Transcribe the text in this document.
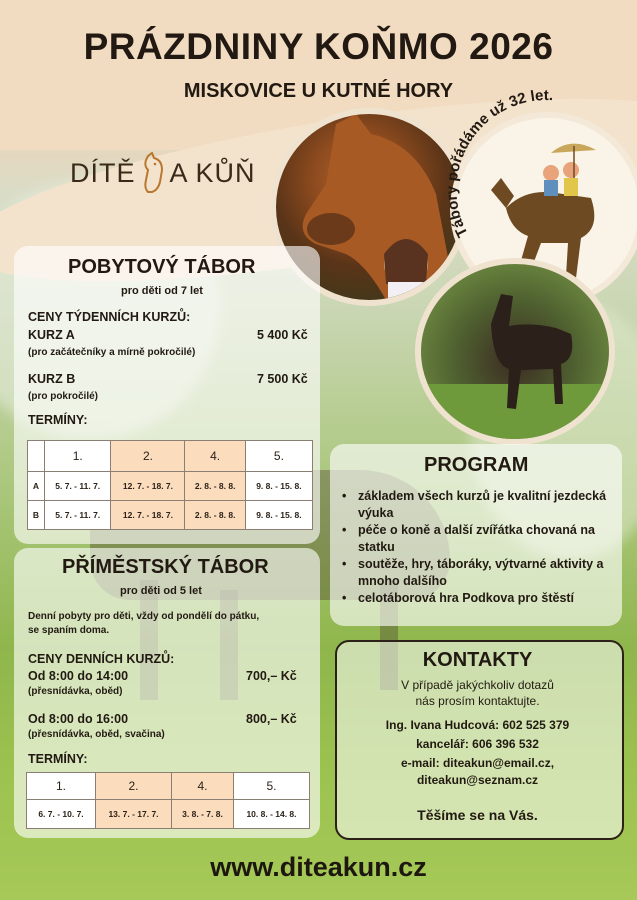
PRÁZDNINY KOŇMO 2026
MISKOVICE U KUTNÉ HORY
DÍTĚ A KŮŇ
Tábory pořádáme už 32 let.
POBYTOVÝ TÁBOR
pro děti od 7 let
CENY TÝDENNÍCH KURZŮ:
KURZ A	5 400 Kč
(pro začátečníky a mírně pokročilé)
KURZ B	7 500 Kč
(pro pokročilé)
TERMÍNY:
	1.	2.	4.	5.
A	5. 7. - 11. 7.	12. 7. - 18. 7.	2. 8. - 8. 8.	9. 8. - 15. 8.
B	5. 7. - 11. 7.	12. 7. - 18. 7.	2. 8. - 8. 8.	9. 8. - 15. 8.
PŘÍMĚSTSKÝ TÁBOR
pro děti od 5 let
Denní pobyty pro děti, vždy od pondělí do pátku,
se spaním doma.
CENY DENNÍCH KURZŮ:
Od 8:00 do 14:00	700,– Kč
(přesnídávka, oběd)
Od 8:00 do 16:00	800,– Kč
(přesnídávka, oběd, svačina)
TERMÍNY:
1.	2.	4.	5.
6. 7. - 10. 7.	13. 7. - 17. 7.	3. 8. - 7. 8.	10. 8. - 14. 8.
PROGRAM
• základem všech kurzů je kvalitní jezdecká výuka
• péče o koně a další zvířátka chovaná na statku
• soutěže, hry, táboráky, výtvarné aktivity a mnoho dalšího
• celotáborová hra Podkova pro štěstí
KONTAKTY
V případě jakýchkoliv dotazů
nás prosím kontaktujte.
Ing. Ivana Hudcová: 602 525 379
kancelář: 606 396 532
e-mail: diteakun@email.cz,
diteakun@seznam.cz
Těšíme se na Vás.
www.diteakun.cz
